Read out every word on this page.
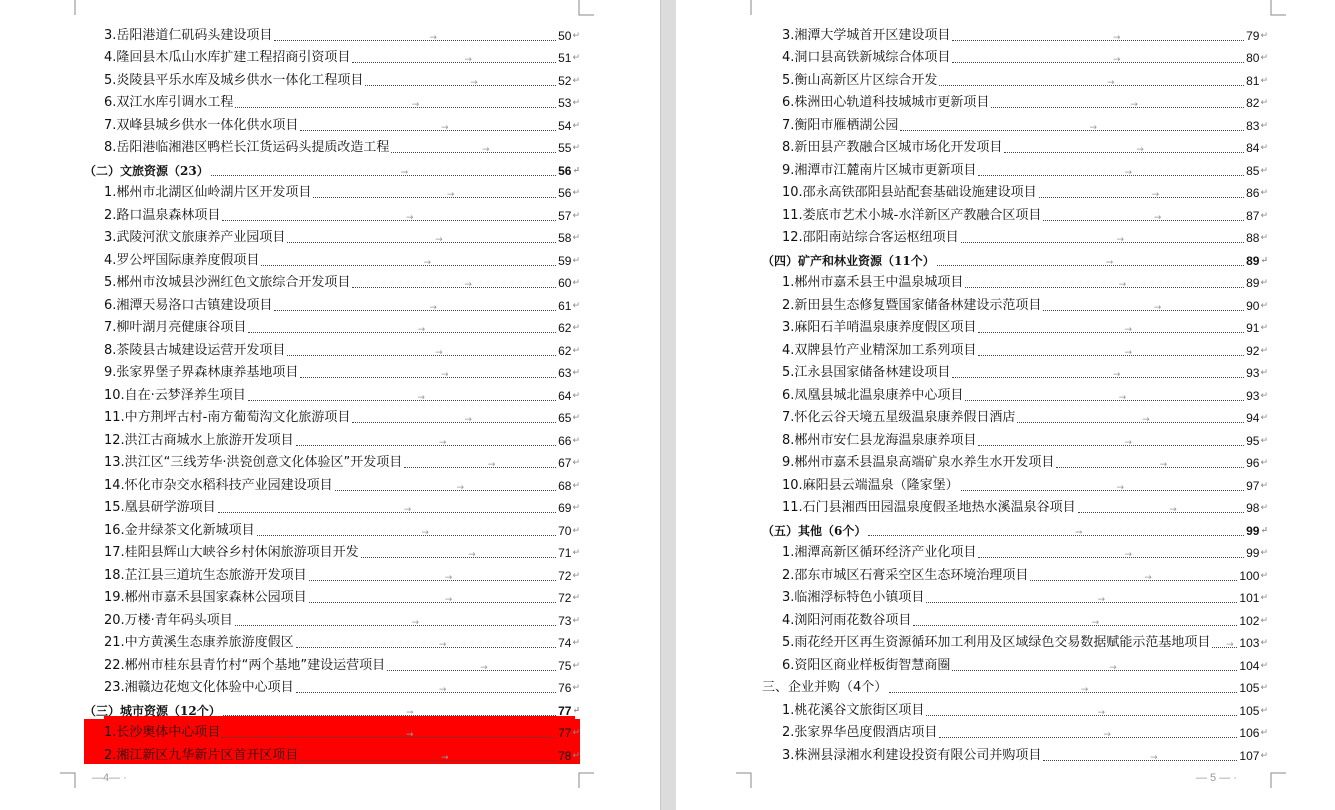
3.岳阳港道仁矶码头建设项目 →	50 ↵
4.隆回县木瓜山水库扩建工程招商引资项目 →	51 ↵
5.炎陵县平乐水库及城乡供水一体化工程项目 →	52 ↵
6.双江水库引调水工程 →	53 ↵
7.双峰县城乡供水一体化供水项目 →	54 ↵
8.岳阳港临湘港区鸭栏长江货运码头提质改造工程 →	55 ↵
（二）文旅资源（23） →	56 ↵
1.郴州市北湖区仙岭湖片区开发项目 →	56 ↵
2.路口温泉森林项目 →	57 ↵
3.武陵河洑文旅康养产业园项目 →	58 ↵
4.罗公坪国际康养度假项目 →	59 ↵
5.郴州市汝城县沙洲红色文旅综合开发项目 →	60 ↵
6.湘潭天易洛口古镇建设项目 →	61 ↵
7.柳叶湖月亮健康谷项目 →	62 ↵
8.茶陵县古城建设运营开发项目 →	62 ↵
9.张家界堡子界森林康养基地项目 →	63 ↵
10.自在·云梦泽养生项目 →	64 ↵
11.中方荆坪古村-南方葡萄沟文化旅游项目 →	65 ↵
12.洪江古商城水上旅游开发项目 →	66 ↵
13.洪江区“三线芳华·洪瓷创意文化体验区”开发项目 →	67 ↵
14.怀化市杂交水稻科技产业园建设项目 →	68 ↵
15.凰县研学游项目 →	69 ↵
16.金井绿茶文化新城项目 →	70 ↵
17.桂阳县辉山大峡谷乡村休闲旅游项目开发 →	71 ↵
18.芷江县三道坑生态旅游开发项目 →	72 ↵
19.郴州市嘉禾县国家森林公园项目 →	72 ↵
20.万楼·青年码头项目 →	73 ↵
21.中方黄溪生态康养旅游度假区 →	74 ↵
22.郴州市桂东县青竹村“两个基地”建设运营项目 →	75 ↵
23.湘赣边花炮文化体验中心项目 →	76 ↵
（三）城市资源（12个） →	77 ↵
1.长沙奥体中心项目 →	77 ↵
2.湘江新区九华新片区首开区项目 →	78 ↵
—4— ·
3.湘潭大学城首开区建设项目 →	79 ↵
4.洞口县高铁新城综合体项目 →	80 ↵
5.衡山高新区片区综合开发 →	81 ↵
6.株洲田心轨道科技城城市更新项目 →	82 ↵
7.衡阳市雁栖湖公园 →	83 ↵
8.新田县产教融合区城市场化开发项目 →	84 ↵
9.湘潭市江麓南片区城市更新项目 →	85 ↵
10.邵永高铁邵阳县站配套基础设施建设项目 →	86 ↵
11.娄底市艺术小城-水洋新区产教融合区项目 →	87 ↵
12.邵阳南站综合客运枢纽项目 →	88 ↵
（四）矿产和林业资源（11个） →	89 ↵
1.郴州市嘉禾县王中温泉城项目 →	89 ↵
2.新田县生态修复暨国家储备林建设示范项目 →	90 ↵
3.麻阳石羊哨温泉康养度假区项目 →	91 ↵
4.双牌县竹产业精深加工系列项目 →	92 ↵
5.江永县国家储备林建设项目 →	93 ↵
6.凤凰县城北温泉康养中心项目 →	93 ↵
7.怀化云谷天境五星级温泉康养假日酒店 →	94 ↵
8.郴州市安仁县龙海温泉康养项目 →	95 ↵
9.郴州市嘉禾县温泉高端矿泉水养生水开发项目 →	96 ↵
10.麻阳县云端温泉（隆家堡） →	97 ↵
11.石门县湘西田园温泉度假圣地热水溪温泉谷项目 →	98 ↵
（五）其他（6个） →	99 ↵
1.湘潭高新区循环经济产业化项目 →	99 ↵
2.邵东市城区石膏采空区生态环境治理项目 →	100 ↵
3.临湘浮标特色小镇项目 →	101 ↵
4.浏阳河雨花数谷项目 →	102 ↵
5.雨花经开区再生资源循环加工利用及区域绿色交易数据赋能示范基地项目 → 103 ↵
6.资阳区商业样板街智慧商圈 →	104 ↵
三、企业并购（4个） →	105 ↵
1.桃花溪谷文旅街区项目 →	105 ↵
2.张家界华邑度假酒店项目 →	106 ↵
3.株洲县渌湘水利建设投资有限公司并购项目 →	107 ↵
— 5 — ·
